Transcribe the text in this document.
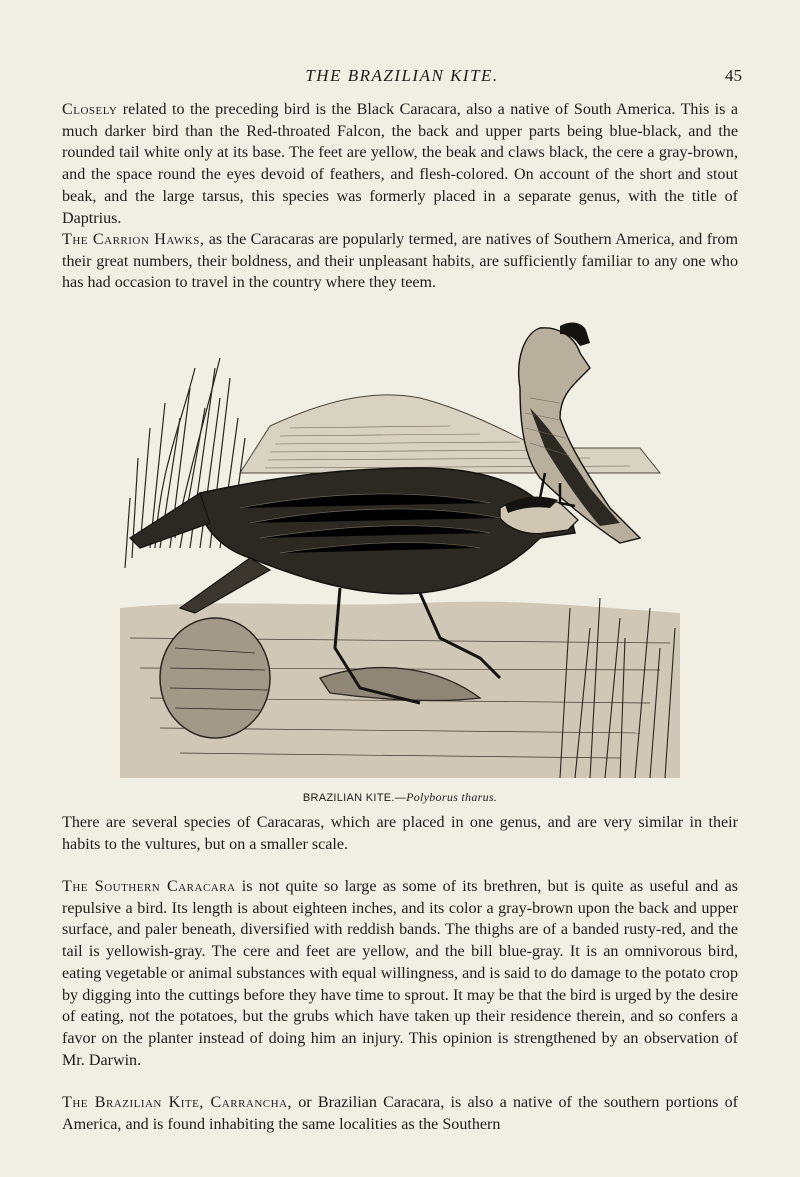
THE BRAZILIAN KITE.	45

Closely related to the preceding bird is the Black Caracara, also a native of South America. This is a much darker bird than the Red-throated Falcon, the back and upper parts being blue-black, and the rounded tail white only at its base. The feet are yellow, the beak and claws black, the cere a gray-brown, and the space round the eyes devoid of feathers, and flesh-colored. On account of the short and stout beak, and the large tarsus, this species was formerly placed in a separate genus, with the title of Daptrius.

The Carrion Hawks, as the Caracaras are popularly termed, are natives of Southern America, and from their great numbers, their boldness, and their unpleasant habits, are sufficiently familiar to any one who has had occasion to travel in the country where they teem.

BRAZILIAN KITE.—Polyborus tharus.

There are several species of Caracaras, which are placed in one genus, and are very similar in their habits to the vultures, but on a smaller scale.

The Southern Caracara is not quite so large as some of its brethren, but is quite as useful and as repulsive a bird. Its length is about eighteen inches, and its color a gray-brown upon the back and upper surface, and paler beneath, diversified with reddish bands. The thighs are of a banded rusty-red, and the tail is yellowish-gray. The cere and feet are yellow, and the bill blue-gray. It is an omnivorous bird, eating vegetable or animal substances with equal willingness, and is said to do damage to the potato crop by digging into the cuttings before they have time to sprout. It may be that the bird is urged by the desire of eating, not the potatoes, but the grubs which have taken up their residence therein, and so confers a favor on the planter instead of doing him an injury. This opinion is strengthened by an observation of Mr. Darwin.

The Brazilian Kite, Carrancha, or Brazilian Caracara, is also a native of the southern portions of America, and is found inhabiting the same localities as the Southern
